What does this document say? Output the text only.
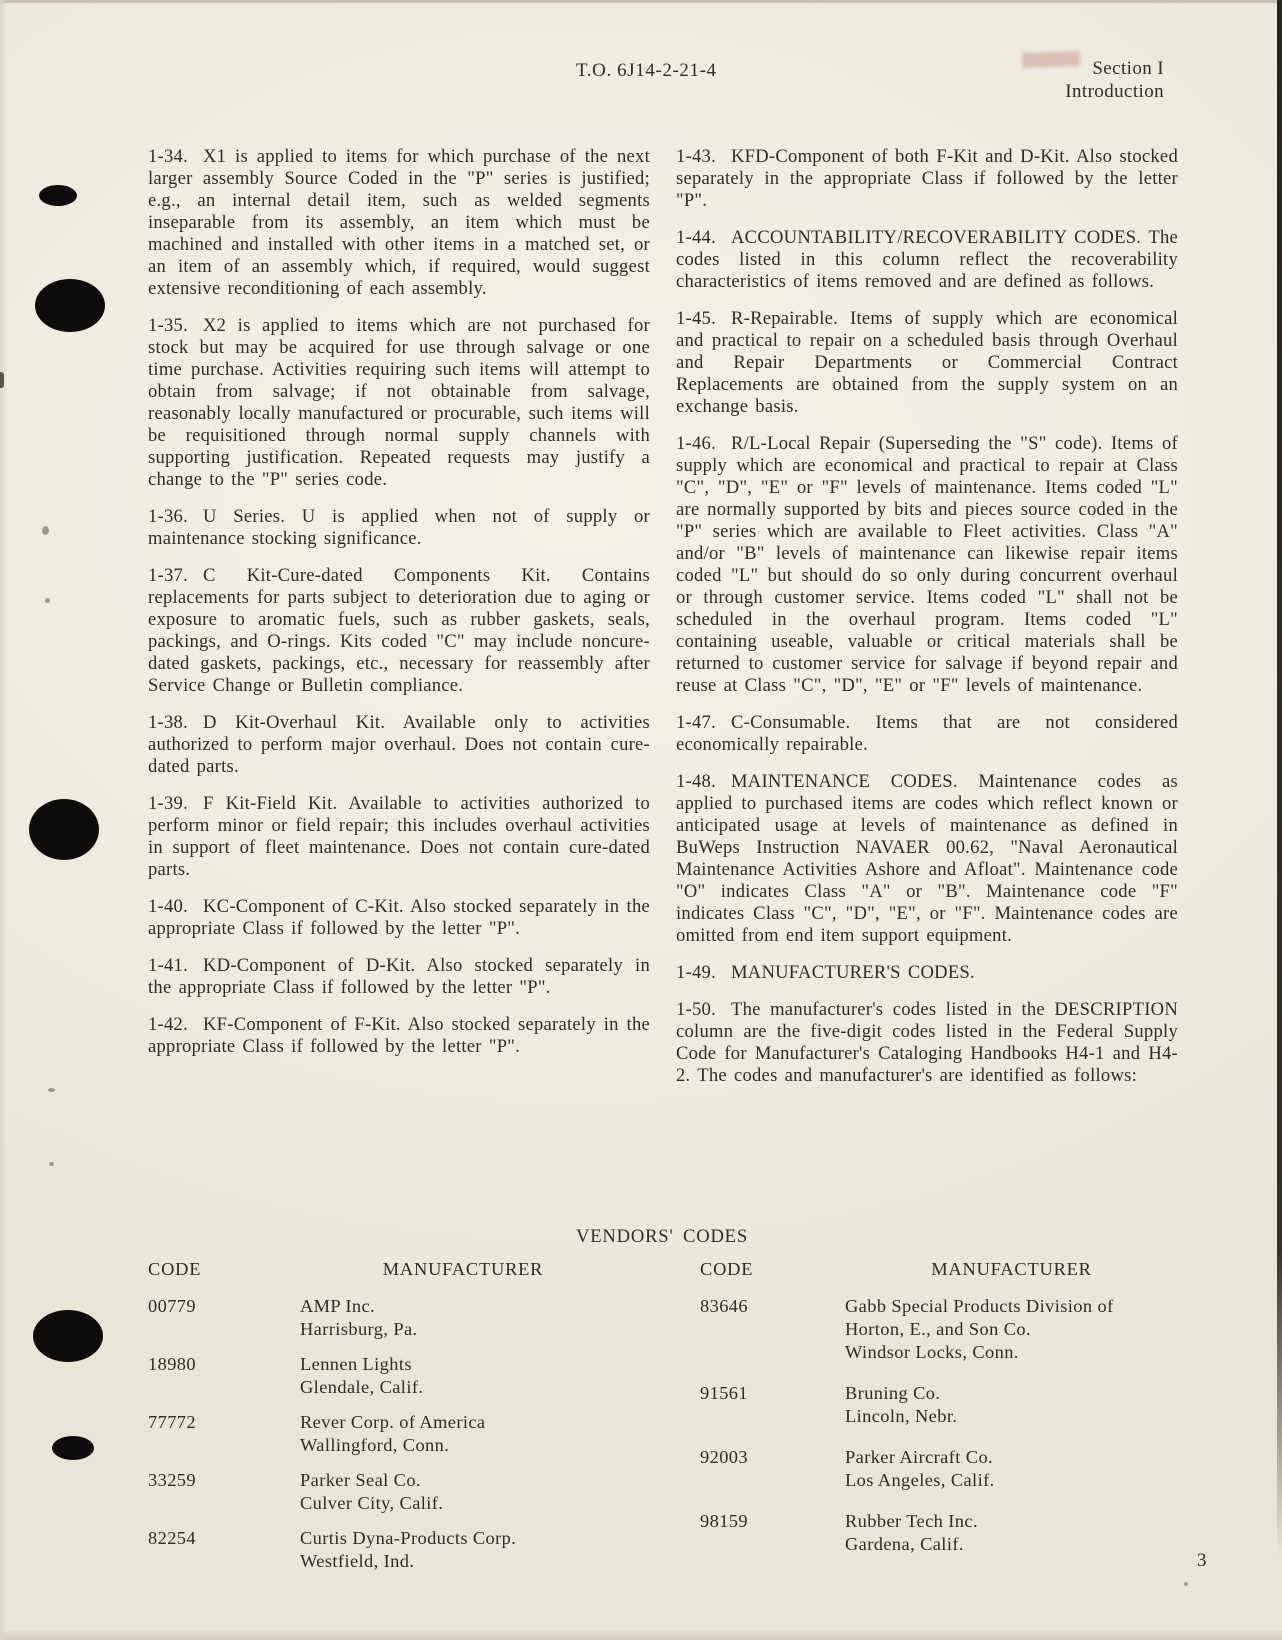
T.O. 6J14-2-21-4	Section I
Introduction

1-34. X1 is applied to items for which purchase of the next larger assembly Source Coded in the "P" series is justified; e.g., an internal detail item, such as welded segments inseparable from its assembly, an item which must be machined and installed with other items in a matched set, or an item of an assembly which, if required, would suggest extensive reconditioning of each assembly.

1-35. X2 is applied to items which are not purchased for stock but may be acquired for use through salvage or one time purchase. Activities requiring such items will attempt to obtain from salvage; if not obtainable from salvage, reasonably locally manufactured or procurable, such items will be requisitioned through normal supply channels with supporting justification. Repeated requests may justify a change to the "P" series code.

1-36. U Series. U is applied when not of supply or maintenance stocking significance.

1-37. C Kit-Cure-dated Components Kit. Contains replacements for parts subject to deterioration due to aging or exposure to aromatic fuels, such as rubber gaskets, seals, packings, and O-rings. Kits coded "C" may include noncure-dated gaskets, packings, etc., necessary for reassembly after Service Change or Bulletin compliance.

1-38. D Kit-Overhaul Kit. Available only to activities authorized to perform major overhaul. Does not contain cure-dated parts.

1-39. F Kit-Field Kit. Available to activities authorized to perform minor or field repair; this includes overhaul activities in support of fleet maintenance. Does not contain cure-dated parts.

1-40. KC-Component of C-Kit. Also stocked separately in the appropriate Class if followed by the letter "P".

1-41. KD-Component of D-Kit. Also stocked separately in the appropriate Class if followed by the letter "P".

1-42. KF-Component of F-Kit. Also stocked separately in the appropriate Class if followed by the letter "P".

1-43. KFD-Component of both F-Kit and D-Kit. Also stocked separately in the appropriate Class if followed by the letter "P".

1-44. ACCOUNTABILITY/RECOVERABILITY CODES. The codes listed in this column reflect the recoverability characteristics of items removed and are defined as follows.

1-45. R-Repairable. Items of supply which are economical and practical to repair on a scheduled basis through Overhaul and Repair Departments or Commercial Contract Replacements are obtained from the supply system on an exchange basis.

1-46. R/L-Local Repair (Superseding the "S" code). Items of supply which are economical and practical to repair at Class "C", "D", "E" or "F" levels of maintenance. Items coded "L" are normally supported by bits and pieces source coded in the "P" series which are available to Fleet activities. Class "A" and/or "B" levels of maintenance can likewise repair items coded "L" but should do so only during concurrent overhaul or through customer service. Items coded "L" shall not be scheduled in the overhaul program. Items coded "L" containing useable, valuable or critical materials shall be returned to customer service for salvage if beyond repair and reuse at Class "C", "D", "E" or "F" levels of maintenance.

1-47. C-Consumable. Items that are not considered economically repairable.

1-48. MAINTENANCE CODES. Maintenance codes as applied to purchased items are codes which reflect known or anticipated usage at levels of maintenance as defined in BuWeps Instruction NAVAER 00.62, "Naval Aeronautical Maintenance Activities Ashore and Afloat". Maintenance code "O" indicates Class "A" or "B". Maintenance code "F" indicates Class "C", "D", "E", or "F". Maintenance codes are omitted from end item support equipment.

1-49. MANUFACTURER'S CODES.

1-50. The manufacturer's codes listed in the DESCRIPTION column are the five-digit codes listed in the Federal Supply Code for Manufacturer's Cataloging Handbooks H4-1 and H4-2. The codes and manufacturer's are identified as follows:

VENDORS' CODES
CODE	MANUFACTURER
00779	AMP Inc.
Harrisburg, Pa.
18980	Lennen Lights
Glendale, Calif.
77772	Rever Corp. of America
Wallingford, Conn.
33259	Parker Seal Co.
Culver City, Calif.
82254	Curtis Dyna-Products Corp.
Westfield, Ind.
CODE	MANUFACTURER
83646	Gabb Special Products Division of
Horton, E., and Son Co.
Windsor Locks, Conn.
91561	Bruning Co.
Lincoln, Nebr.
92003	Parker Aircraft Co.
Los Angeles, Calif.
98159	Rubber Tech Inc.
Gardena, Calif.
3
